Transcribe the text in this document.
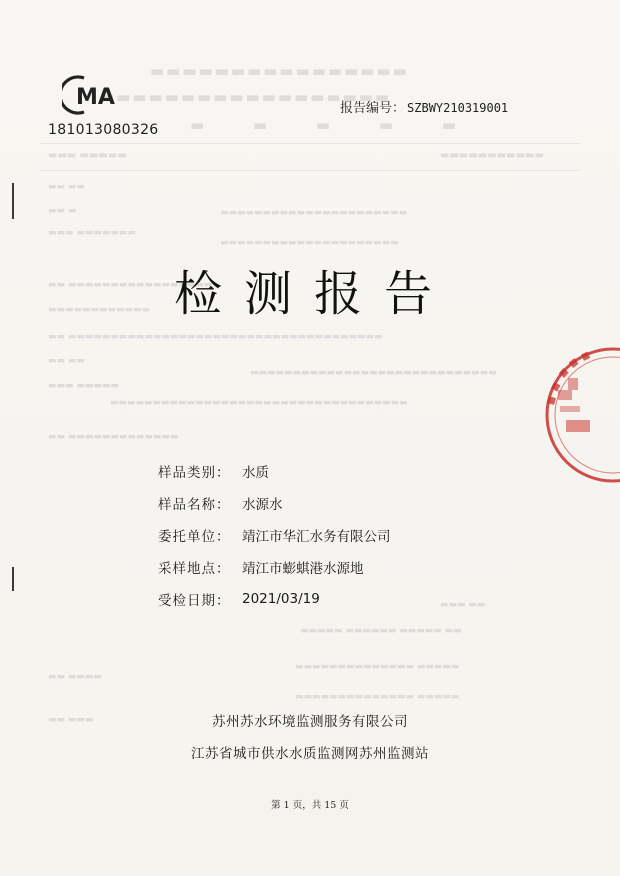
▬▬▬▬▬▬▬▬▬▬▬▬▬▬▬▬
▬▬▬▬▬▬▬▬▬▬▬▬▬▬▬▬▬▬
▬ ▬ ▬ ▬ ▬
▬▬▬ ▬▬▬▬▬	▬▬▬▬▬▬▬▬▬▬▬
▬▬ ▬▬
▬▬ ▬	▬▬▬▬▬▬▬▬▬▬▬▬▬▬▬▬▬▬▬▬▬▬
▬▬▬ ▬▬▬▬▬▬▬
▬▬▬▬▬▬▬▬▬▬▬▬▬▬▬▬▬▬▬▬▬
▬▬ ▬▬▬▬▬▬▬▬▬▬▬▬▬▬▬▬▬
▬▬▬▬▬▬▬▬▬▬▬▬
▬▬ ▬▬▬▬▬▬▬▬▬▬▬▬▬▬▬▬▬▬▬▬▬▬▬▬▬▬▬▬▬▬▬▬▬▬▬▬▬
▬▬ ▬▬
▬▬▬▬▬▬▬▬▬▬▬▬▬▬▬▬▬▬▬▬▬▬▬▬▬▬▬▬▬
▬▬▬ ▬▬▬▬▬
▬▬▬▬▬▬▬▬▬▬▬▬▬▬▬▬▬▬▬▬▬▬▬▬▬▬▬▬▬▬▬▬▬▬▬
▬▬ ▬▬▬▬▬▬▬▬▬▬▬▬▬
▬▬▬ ▬▬
▬▬▬▬▬ ▬▬▬▬▬▬ ▬▬▬▬▬ ▬▬
▬▬▬▬▬▬▬▬▬▬▬▬▬▬ ▬▬▬▬▬
▬▬ ▬▬▬▬
▬▬▬▬▬▬▬▬▬▬▬▬▬▬ ▬▬▬▬▬
▬▬ ▬▬▬
MA
181013080326
报告编号： SZBWY210319001
检测报告
样品类别： 水质
样品名称： 水源水
委托单位： 靖江市华汇水务有限公司
采样地点： 靖江市蟛蜞港水源地
受检日期： 2021/03/19
苏州苏水环境监测服务有限公司
江苏省城市供水水质监测网苏州监测站
第 1 页，共 15 页
